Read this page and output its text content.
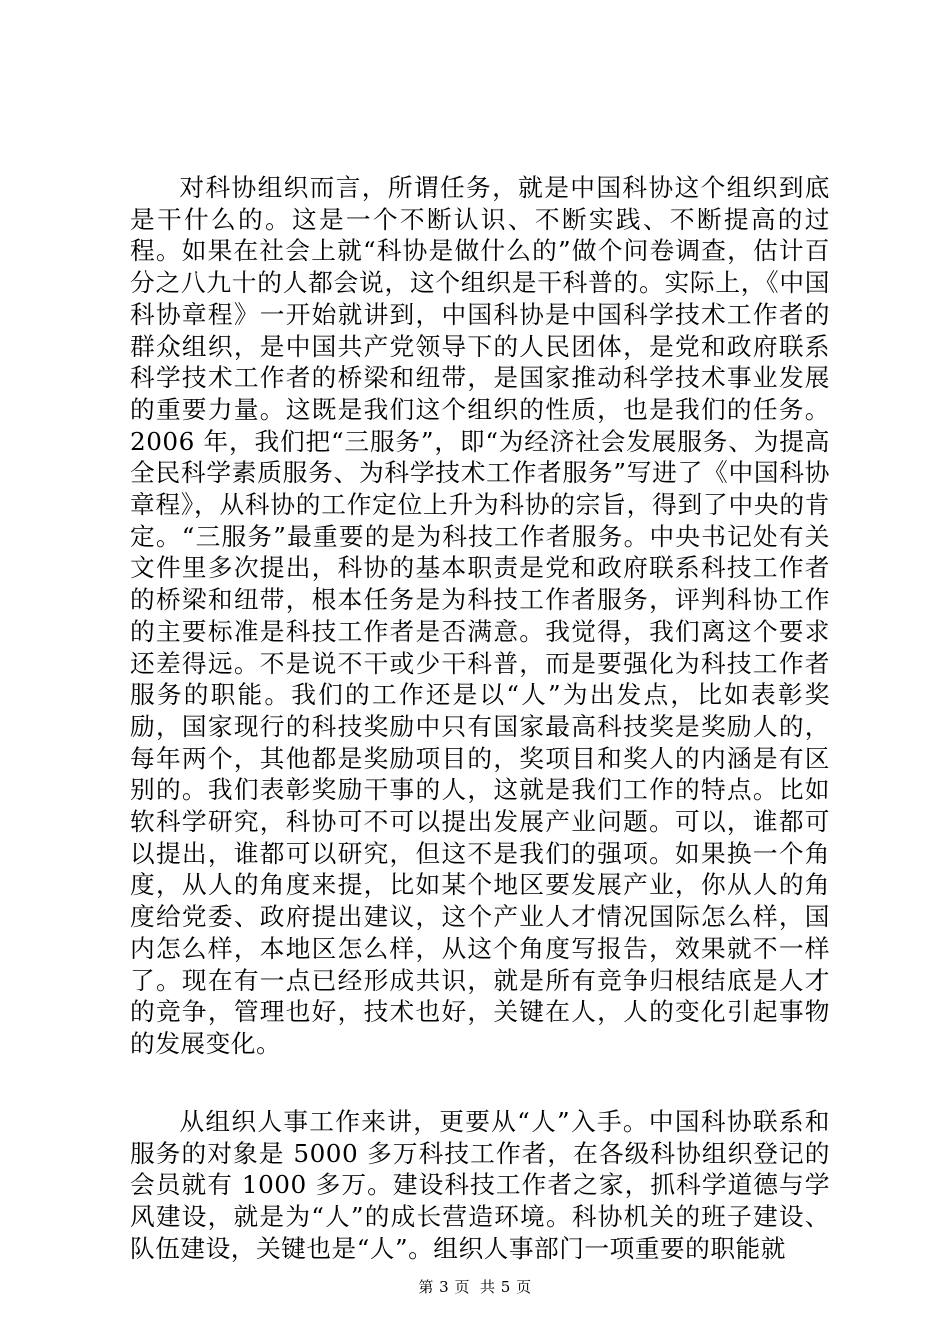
对科协组织而言，所谓任务，就是中国科协这个组织到底是干什么的。这是一个不断认识、不断实践、不断提高的过程。如果在社会上就“科协是做什么的”做个问卷调查，估计百分之八九十的人都会说，这个组织是干科普的。实际上，《中国科协章程》一开始就讲到，中国科协是中国科学技术工作者的群众组织，是中国共产党领导下的人民团体，是党和政府联系科学技术工作者的桥梁和纽带，是国家推动科学技术事业发展的重要力量。这既是我们这个组织的性质，也是我们的任务。2006 年，我们把“三服务”，即“为经济社会发展服务、为提高全民科学素质服务、为科学技术工作者服务”写进了《中国科协章程》，从科协的工作定位上升为科协的宗旨，得到了中央的肯定。“三服务”最重要的是为科技工作者服务。中央书记处有关文件里多次提出，科协的基本职责是党和政府联系科技工作者的桥梁和纽带，根本任务是为科技工作者服务，评判科协工作的主要标准是科技工作者是否满意。我觉得，我们离这个要求还差得远。不是说不干或少干科普，而是要强化为科技工作者服务的职能。我们的工作还是以“人”为出发点，比如表彰奖励，国家现行的科技奖励中只有国家最高科技奖是奖励人的，每年两个，其他都是奖励项目的，奖项目和奖人的内涵是有区别的。我们表彰奖励干事的人，这就是我们工作的特点。比如软科学研究，科协可不可以提出发展产业问题。可以，谁都可以提出，谁都可以研究，但这不是我们的强项。如果换一个角度，从人的角度来提，比如某个地区要发展产业，你从人的角度给党委、政府提出建议，这个产业人才情况国际怎么样，国内怎么样，本地区怎么样，从这个角度写报告，效果就不一样了。现在有一点已经形成共识，就是所有竞争归根结底是人才的竞争，管理也好，技术也好，关键在人，人的变化引起事物的发展变化。

从组织人事工作来讲，更要从“人”入手。中国科协联系和服务的对象是 5000 多万科技工作者，在各级科协组织登记的会员就有 1000 多万。建设科技工作者之家，抓科学道德与学风建设，就是为“人”的成长营造环境。科协机关的班子建设、队伍建设，关键也是“人”。组织人事部门一项重要的职能就

第 3 页 共 5 页
